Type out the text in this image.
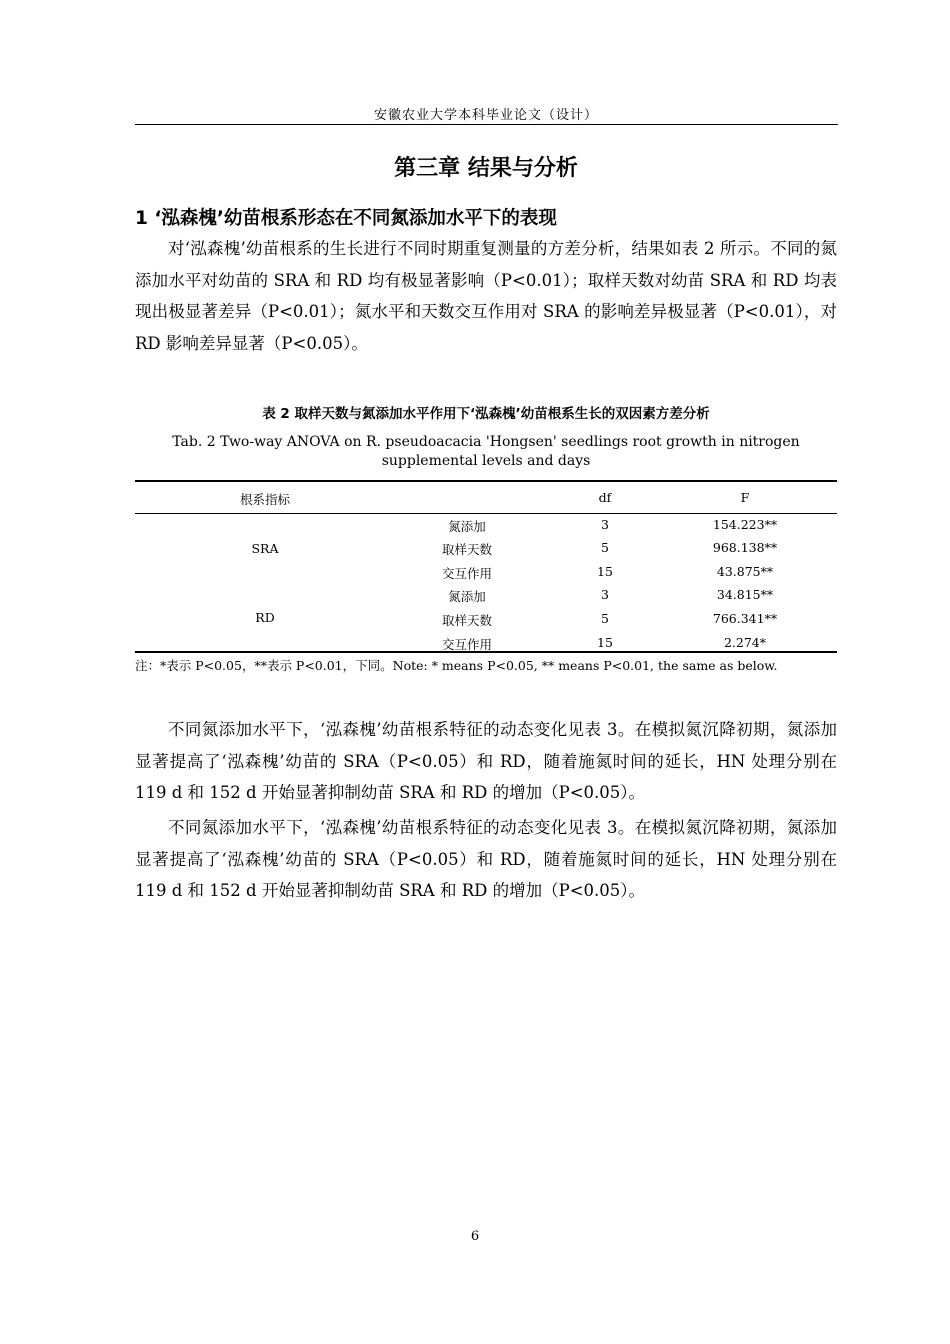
安徽农业大学本科毕业论文（设计）
第三章 结果与分析
1 ‘泓森槐’幼苗根系形态在不同氮添加水平下的表现

对‘泓森槐’幼苗根系的生长进行不同时期重复测量的方差分析，结果如表 2 所示。不同的氮添加水平对幼苗的 SRA 和 RD 均有极显著影响（P<0.01）；取样天数对幼苗 SRA 和 RD 均表现出极显著差异（P<0.01）；氮水平和天数交互作用对 SRA 的影响差异极显著（P<0.01），对 RD 影响差异显著（P<0.05）。

表 2 取样天数与氮添加水平作用下‘泓森槐’幼苗根系生长的双因素方差分析
Tab. 2 Two-way ANOVA on R. pseudoacacia 'Hongsen' seedlings root growth in nitrogen supplemental levels and days
根系指标	df	F
SRA
氮添加	3	154.223**
取样天数	5	968.138**
交互作用	15	43.875**
RD
氮添加	3	34.815**
取样天数	5	766.341**
交互作用	15	2.274*
注：*表示 P<0.05，**表示 P<0.01，下同。Note: * means P<0.05, ** means P<0.01, the same as below.

不同氮添加水平下，‘泓森槐’幼苗根系特征的动态变化见表 3。在模拟氮沉降初期，氮添加显著提高了‘泓森槐’幼苗的 SRA（P<0.05）和 RD，随着施氮时间的延长，HN 处理分别在 119 d 和 152 d 开始显著抑制幼苗 SRA 和 RD 的增加（P<0.05）。

不同氮添加水平下，‘泓森槐’幼苗根系特征的动态变化见表 3。在模拟氮沉降初期，氮添加显著提高了‘泓森槐’幼苗的 SRA（P<0.05）和 RD，随着施氮时间的延长，HN 处理分别在 119 d 和 152 d 开始显著抑制幼苗 SRA 和 RD 的增加（P<0.05）。

6
